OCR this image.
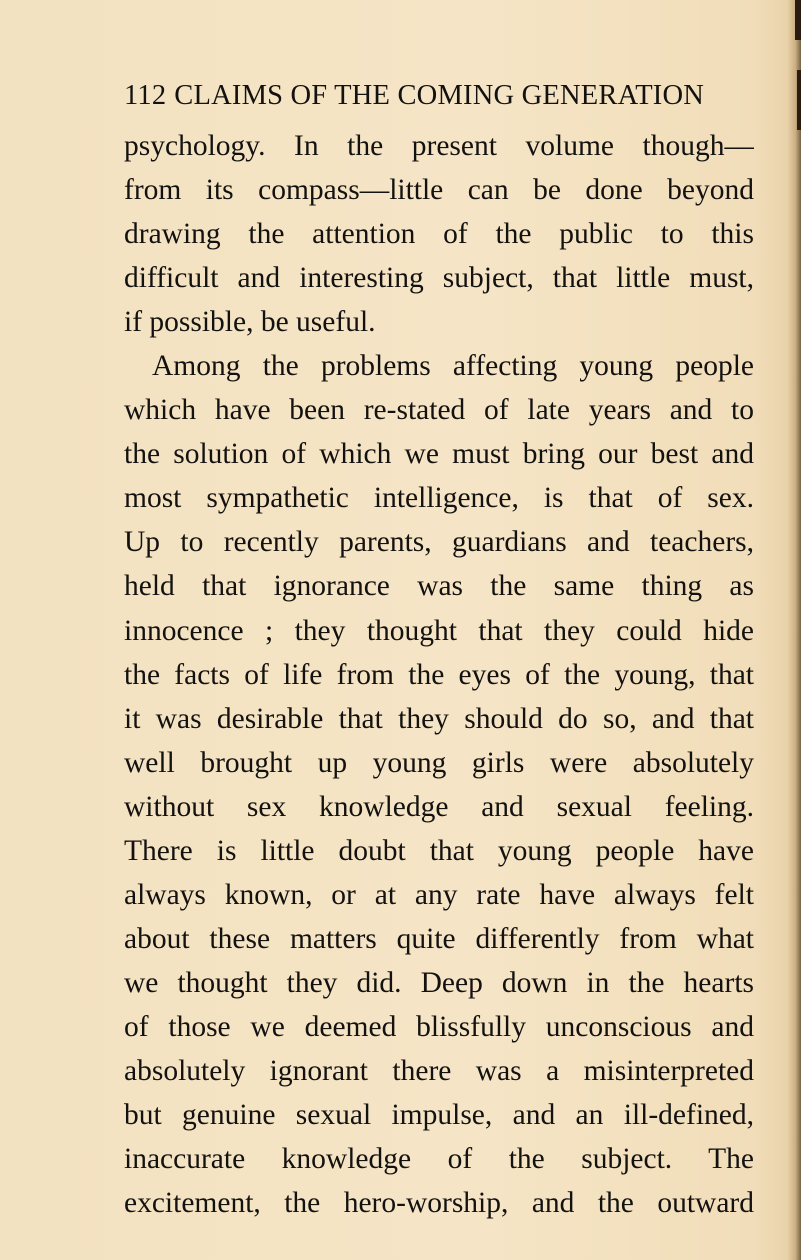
112 CLAIMS OF THE COMING GENERATION
psychology. In the present volume though—
from its compass—little can be done beyond
drawing the attention of the public to this
difficult and interesting subject, that little must,
if possible, be useful.
Among the problems affecting young people
which have been re-stated of late years and to
the solution of which we must bring our best and
most sympathetic intelligence, is that of sex.
Up to recently parents, guardians and teachers,
held that ignorance was the same thing as
innocence ; they thought that they could hide
the facts of life from the eyes of the young, that
it was desirable that they should do so, and that
well brought up young girls were absolutely
without sex knowledge and sexual feeling.
There is little doubt that young people have
always known, or at any rate have always felt
about these matters quite differently from what
we thought they did. Deep down in the hearts
of those we deemed blissfully unconscious and
absolutely ignorant there was a misinterpreted
but genuine sexual impulse, and an ill-defined,
inaccurate knowledge of the subject. The
excitement, the hero-worship, and the outward
